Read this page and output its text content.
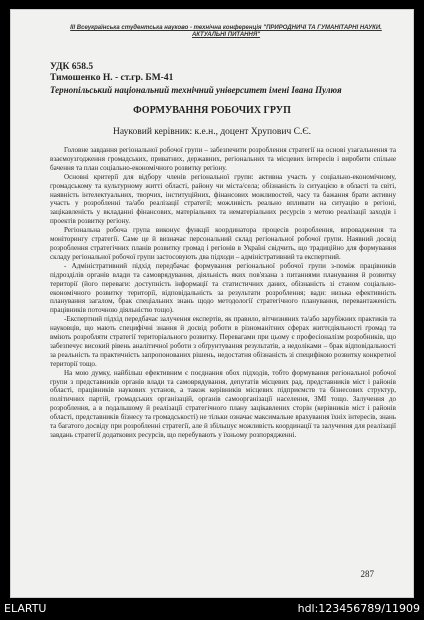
ІІІ Всеукраїнська студентська науково - технічна конференція "ПРИРОДНИЧІ ТА ГУМАНІТАРНІ НАУКИ. АКТУАЛЬНІ ПИТАННЯ"
УДК 658.5
Тимошенко Н. - ст.гр. БМ-41
Тернопільський національний технічний університет імені Івана Пулюя
ФОРМУВАННЯ РОБОЧИХ ГРУП
Науковий керівник: к.е.н., доцент Хрупович С.Є.

Головне завдання регіональної робочої групи – забезпечити розроблення стратегії на основі узагальнення та взаємоузгодження громадських, приватних, державних, регіональних та місцевих інтересів і виробити спільне бачення та план соціально-економічного розвитку регіону.

Основні критерії для відбору членів регіональної групи: активна участь у соціально-економічному, громадському та культурному житті області, району чи міста/села; обізнаність із ситуацією в області та світі, наявність інтелектуальних, творчих, інституційних, фінансових можливостей, часу та бажання брати активну участь у розробленні та/або реалізації стратегії; можливість реально впливати на ситуацію в регіоні, зацікавленість у вкладанні фінансових, матеріальних та нематеріальних ресурсів з метою реалізації заходів і проектів розвитку регіону.

Регіональна робоча група виконує функції координатора процесів розроблення, впровадження та моніторингу стратегії. Саме це й визначає персональний склад регіональної робочої групи. Наявний досвід розроблення стратегічних планів розвитку громад і регіонів в Україні свідчить, що традиційно для формування складу регіональної робочої групи застосовують два підходи – адміністративний та експертний.

- Адміністративний підхід передбачає формування регіональної робочої групи з-поміж працівників підрозділів органів влади та самоврядування, діяльність яких пов'язана з питаннями планування й розвитку території (його переваги: доступність інформації та статистичних даних, обізнаність зі станом соціально-економічного розвитку території, відповідальність за результати розроблення; вади: низька ефективність планування загалом, брак спеціальних знань щодо методології стратегічного планування, перевантаженість працівників поточною діяльністю тощо).

-Експертний підхід передбачає залучення експертів, як правило, вітчизняних та/або зарубіжних практиків та науковців, що мають специфічні знання й досвід роботи в різноманітних сферах життєдіяльності громад та вміють розробляти стратегії територіального розвитку. Перевагами при цьому є професіоналізм розробників, що забезпечує високий рівень аналітичної роботи з обґрунтування результатів, а недоліками – брак відповідальності за реальність та практичність запропонованих рішень, недостатня обізнаність зі специфікою розвитку конкретної території тощо.

На мою думку, найбільш ефективним є поєднання обох підходів, тобто формування регіональної робочої групи з представників органів влади та самоврядування, депутатів місцевих рад, представників міст і районів області, працівників наукових установ, а також керівників місцевих підприємств та бізнесових структур, політичних партій, громадських організацій, органів самоорганізації населення, ЗМІ тощо. Залучення до розроблення, а в подальшому й реалізації стратегічного плану зацікавлених сторін (керівників міст і районів області, представників бізнесу та громадськості) не тільки означає максимальне врахування їхніх інтересів, знань та багатого досвіду при розробленні стратегії, але й збільшує можливість координації та залучення для реалізації завдань стратегії додаткових ресурсів, що перебувають у їхньому розпорядженні.

287
ELARTU	hdl:123456789/11909
